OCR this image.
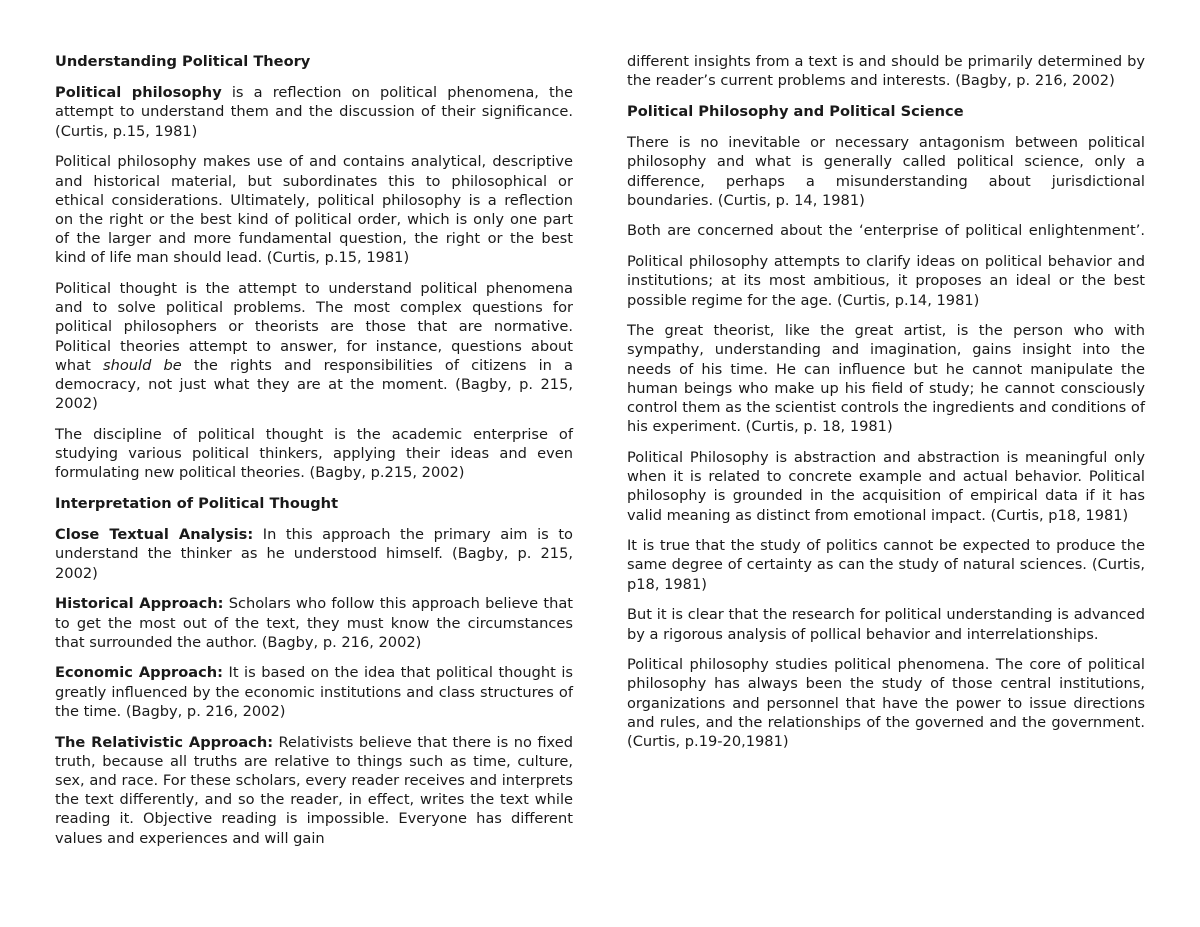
Understanding Political Theory

Political philosophy is a reflection on political phenomena, the attempt to understand them and the discussion of their significance. (Curtis, p.15, 1981)

Political philosophy makes use of and contains analytical, descriptive and historical material, but subordinates this to philosophical or ethical considerations. Ultimately, political philosophy is a reflection on the right or the best kind of political order, which is only one part of the larger and more fundamental question, the right or the best kind of life man should lead. (Curtis, p.15, 1981)

Political thought is the attempt to understand political phenomena and to solve political problems. The most complex questions for political philosophers or theorists are those that are normative. Political theories attempt to answer, for instance, questions about what should be the rights and responsibilities of citizens in a democracy, not just what they are at the moment. (Bagby, p. 215, 2002)

The discipline of political thought is the academic enterprise of studying various political thinkers, applying their ideas and even formulating new political theories. (Bagby, p.215, 2002)

Interpretation of Political Thought

Close Textual Analysis: In this approach the primary aim is to understand the thinker as he understood himself. (Bagby, p. 215, 2002)

Historical Approach: Scholars who follow this approach believe that to get the most out of the text, they must know the circumstances that surrounded the author. (Bagby, p. 216, 2002)

Economic Approach: It is based on the idea that political thought is greatly influenced by the economic institutions and class structures of the time. (Bagby, p. 216, 2002)

The Relativistic Approach: Relativists believe that there is no fixed truth, because all truths are relative to things such as time, culture, sex, and race. For these scholars, every reader receives and interprets the text differently, and so the reader, in effect, writes the text while reading it. Objective reading is impossible. Everyone has different values and experiences and will gain

different insights from a text is and should be primarily determined by the reader’s current problems and interests. (Bagby, p. 216, 2002)

Political Philosophy and Political Science

There is no inevitable or necessary antagonism between political philosophy and what is generally called political science, only a difference, perhaps a misunderstanding about jurisdictional boundaries. (Curtis, p. 14, 1981)

Both are concerned about the ‘enterprise of political enlightenment’.

Political philosophy attempts to clarify ideas on political behavior and institutions; at its most ambitious, it proposes an ideal or the best possible regime for the age. (Curtis, p.14, 1981)

The great theorist, like the great artist, is the person who with sympathy, understanding and imagination, gains insight into the needs of his time. He can influence but he cannot manipulate the human beings who make up his field of study; he cannot consciously control them as the scientist controls the ingredients and conditions of his experiment. (Curtis, p. 18, 1981)

Political Philosophy is abstraction and abstraction is meaningful only when it is related to concrete example and actual behavior. Political philosophy is grounded in the acquisition of empirical data if it has valid meaning as distinct from emotional impact. (Curtis, p18, 1981)

It is true that the study of politics cannot be expected to produce the same degree of certainty as can the study of natural sciences. (Curtis, p18, 1981)

But it is clear that the research for political understanding is advanced by a rigorous analysis of pollical behavior and interrelationships.

Political philosophy studies political phenomena. The core of political philosophy has always been the study of those central institutions, organizations and personnel that have the power to issue directions and rules, and the relationships of the governed and the government. (Curtis, p.19-20,1981)
